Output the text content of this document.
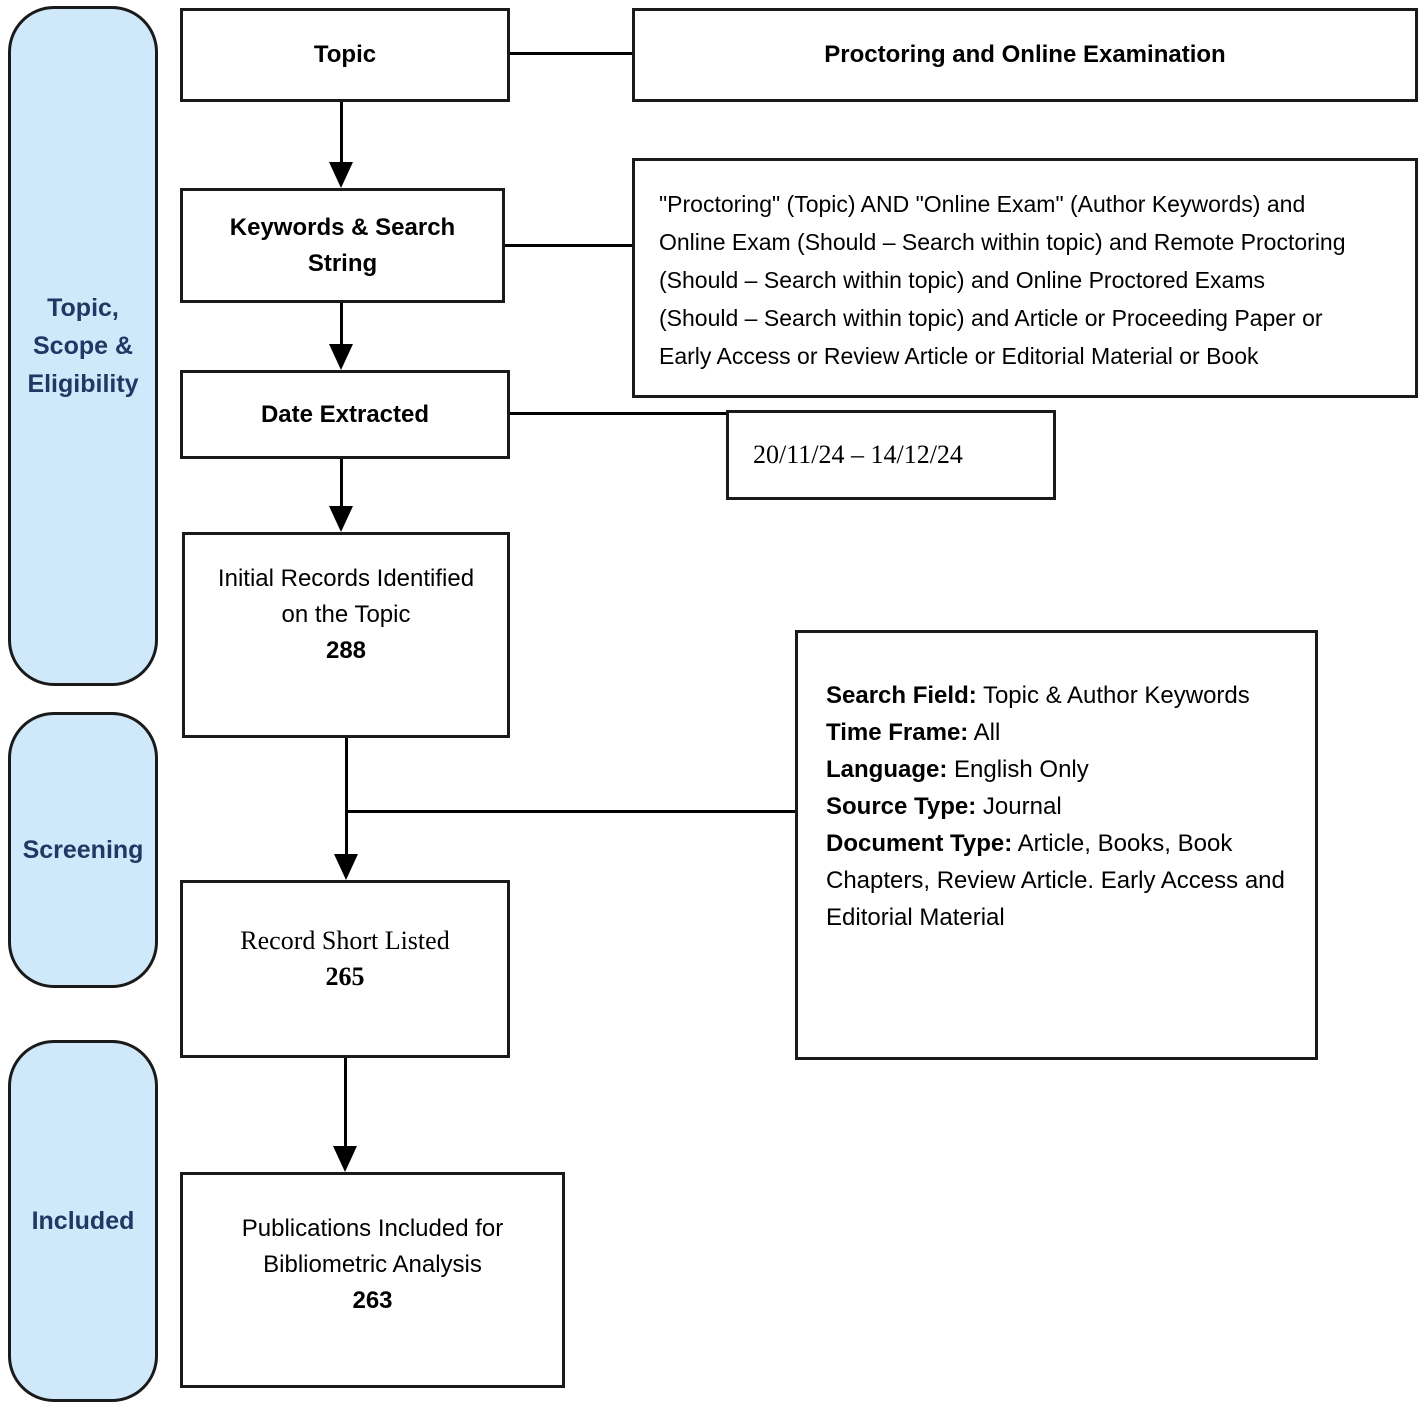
Topic,
Scope &
Eligibility
Screening
Included
Topic	Proctoring and Online Examination
Keywords & Search
String
"Proctoring" (Topic) AND "Online Exam" (Author Keywords) and
Online Exam (Should – Search within topic) and Remote Proctoring
(Should – Search within topic) and Online Proctored Exams
(Should – Search within topic) and Article or Proceeding Paper or
Early Access or Review Article or Editorial Material or Book
Date Extracted
20/11/24 – 14/12/24
Initial Records Identified
on the Topic
288
Search Field: Topic & Author Keywords
Time Frame: All
Language: English Only
Source Type: Journal
Document Type: Article, Books, Book
Chapters, Review Article. Early Access and
Editorial Material
Record Short Listed
265
Publications Included for
Bibliometric Analysis
263
